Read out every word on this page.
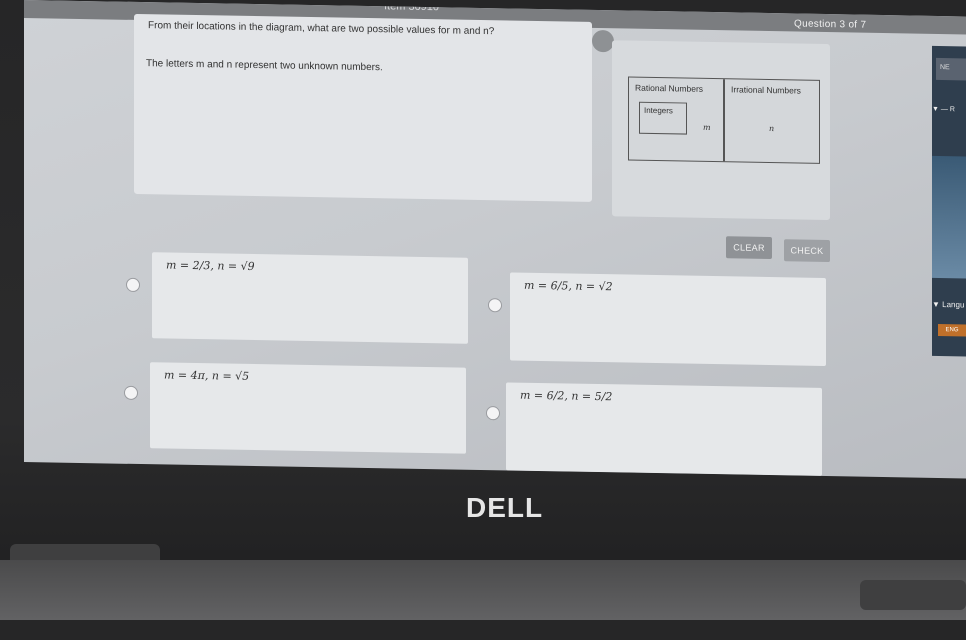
Item 30910
Question 3 of 7
From their locations in the diagram, what are two possible values for m and n?
The letters m and n represent two unknown numbers.
Rational Numbers	Irrational Numbers
Integers
m	n
CLEAR	CHECK
m = 2/3, n = √9
m = 6/5, n = √2
m = 4π, n = √5
m = 6/2, n = 5/2
NE
▼ — R
▼ Langu
ENG
DELL
